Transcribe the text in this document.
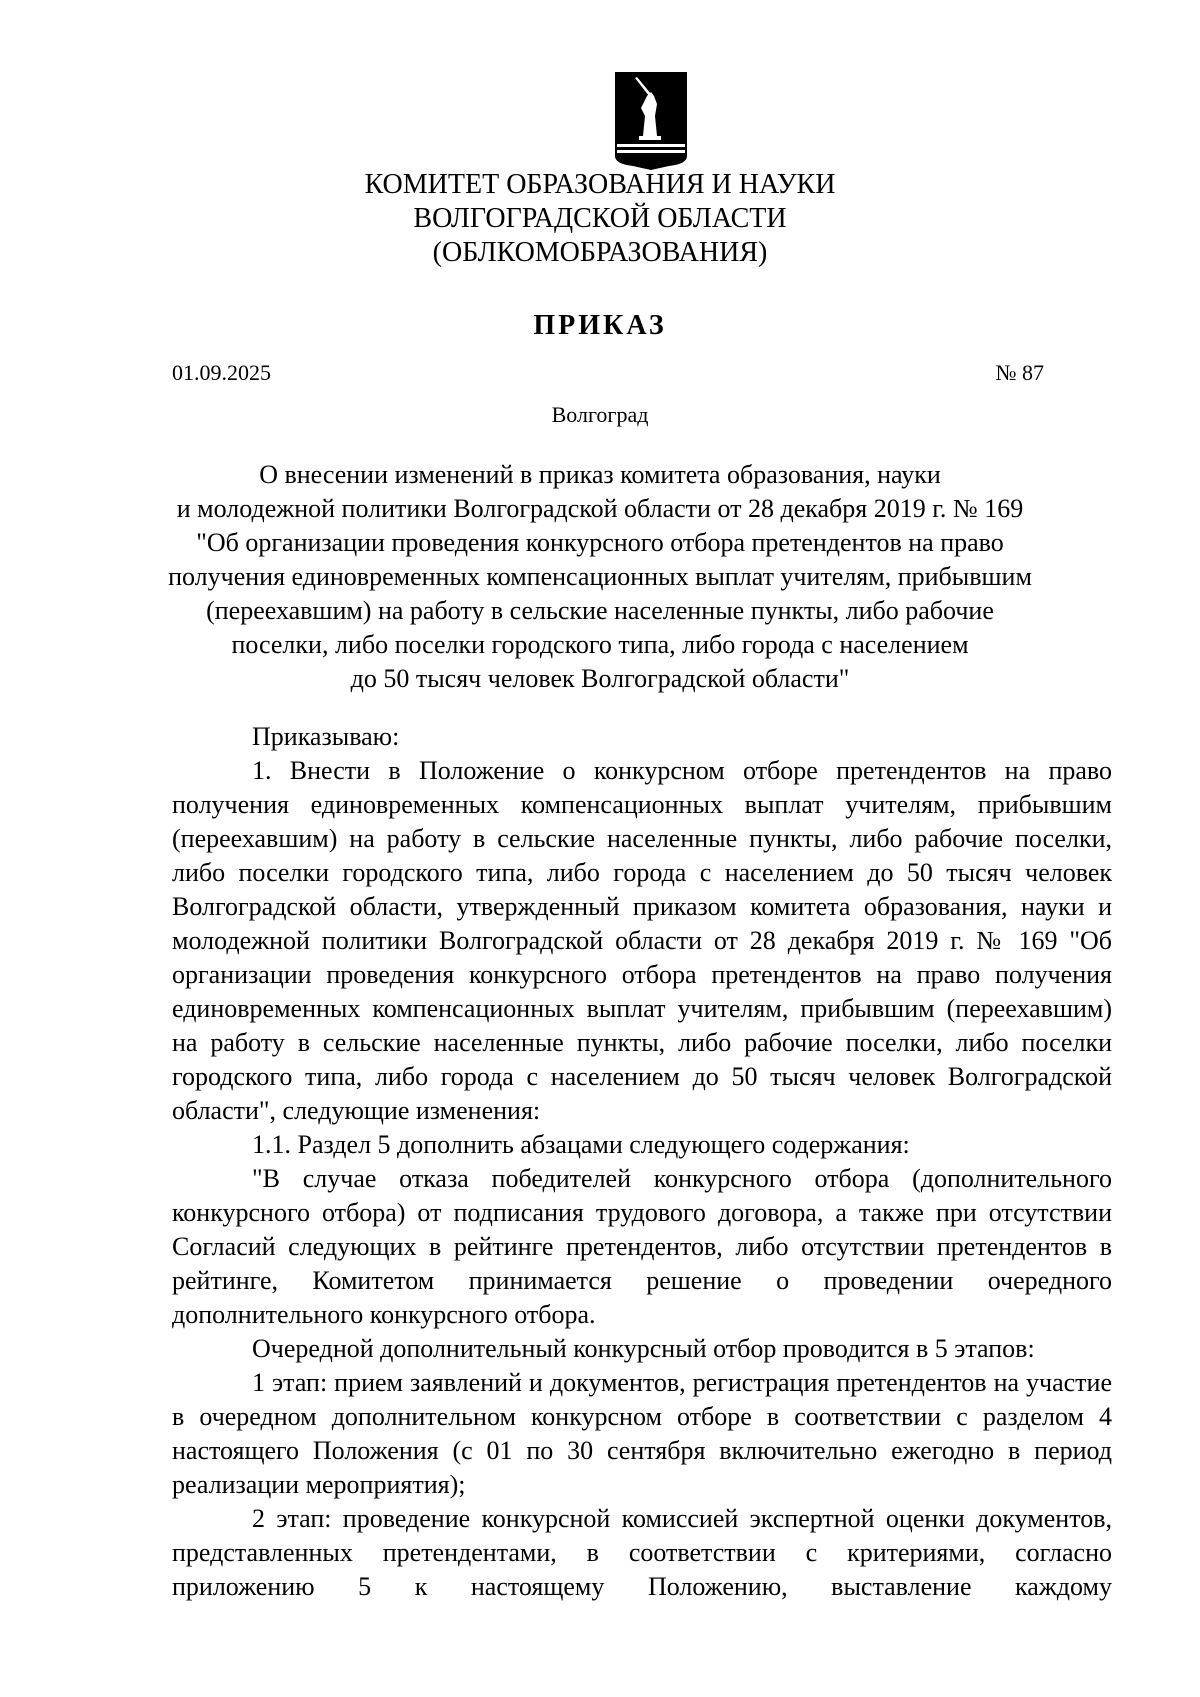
КОМИТЕТ ОБРАЗОВАНИЯ И НАУКИ
ВОЛГОГРАДСКОЙ ОБЛАСТИ
(ОБЛКОМОБРАЗОВАНИЯ)
ПРИКАЗ
01.09.2025	№ 87
Волгоград
О внесении изменений в приказ комитета образования, науки
и молодежной политики Волгоградской области от 28 декабря 2019 г. № 169
"Об организации проведения конкурсного отбора претендентов на право
получения единовременных компенсационных выплат учителям, прибывшим
(переехавшим) на работу в сельские населенные пункты, либо рабочие
поселки, либо поселки городского типа, либо города с населением
до 50 тысяч человек Волгоградской области"
Приказываю:
1. Внести в Положение о конкурсном отборе претендентов на право получения единовременных компенсационных выплат учителям, прибывшим (переехавшим) на работу в сельские населенные пункты, либо рабочие поселки, либо поселки городского типа, либо города с населением до 50 тысяч человек Волгоградской области, утвержденный приказом комитета образования, науки и молодежной политики Волгоградской области от 28 декабря 2019 г. № 169 "Об организации проведения конкурсного отбора претендентов на право получения единовременных компенсационных выплат учителям, прибывшим (переехавшим) на работу в сельские населенные пункты, либо рабочие поселки, либо поселки городского типа, либо города с населением до 50 тысяч человек Волгоградской области", следующие изменения:
1.1. Раздел 5 дополнить абзацами следующего содержания:
"В случае отказа победителей конкурсного отбора (дополнительного конкурсного отбора) от подписания трудового договора, а также при отсутствии Согласий следующих в рейтинге претендентов, либо отсутствии претендентов в рейтинге, Комитетом принимается решение о проведении очередного дополнительного конкурсного отбора.
Очередной дополнительный конкурсный отбор проводится в 5 этапов:
1 этап: прием заявлений и документов, регистрация претендентов на участие в очередном дополнительном конкурсном отборе в соответствии с разделом 4 настоящего Положения (с 01 по 30 сентября включительно ежегодно в период реализации мероприятия);
2 этап: проведение конкурсной комиссией экспертной оценки документов, представленных претендентами, в соответствии с критериями, согласно приложению 5 к настоящему Положению, выставление каждому
